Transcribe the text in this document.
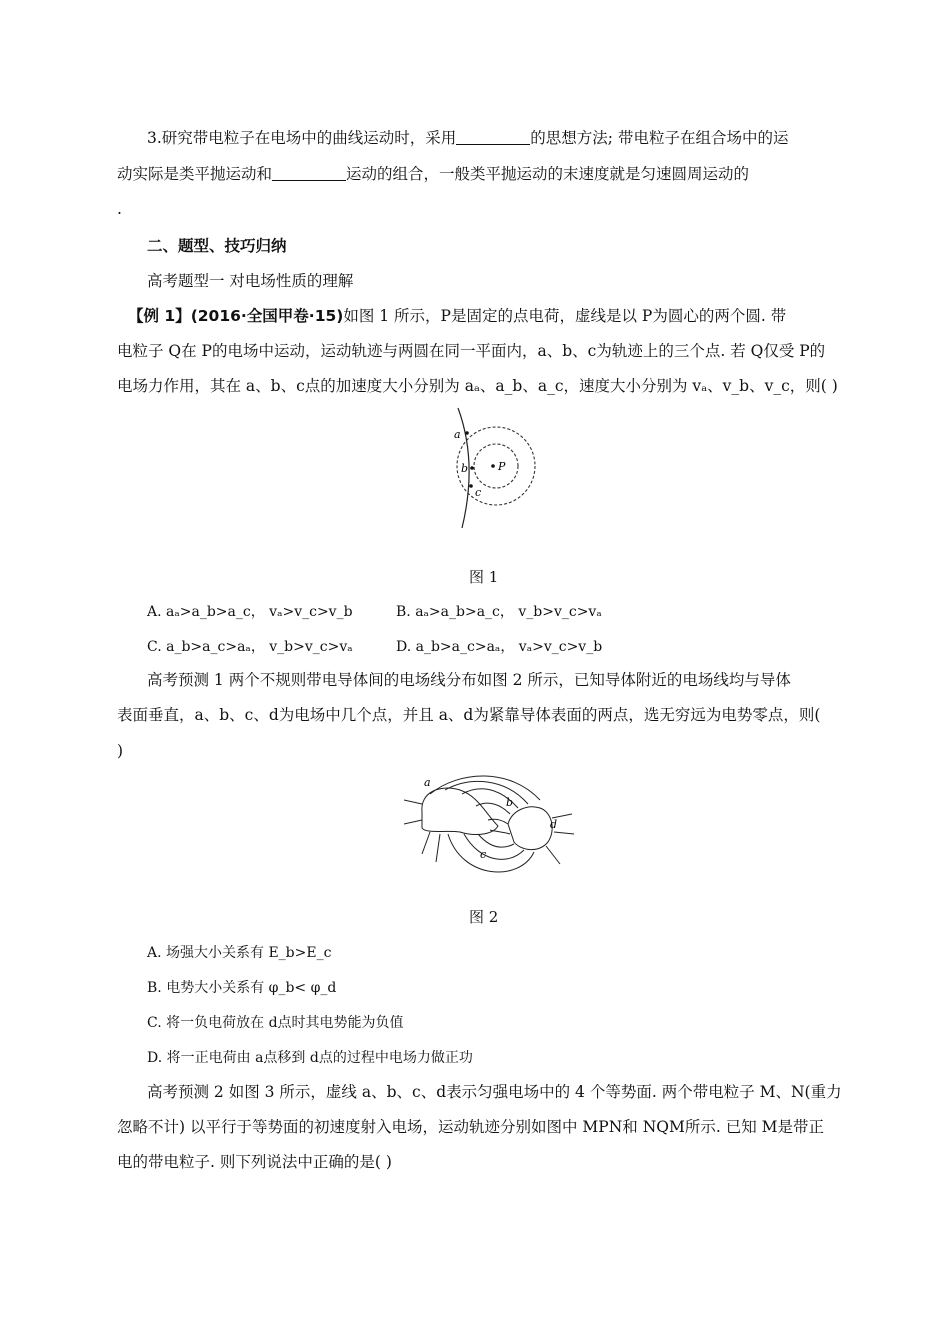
3.研究带电粒子在电场中的曲线运动时，采用	的思想方法; 带电粒子在组合场中的运
动实际是类平抛运动和	运动的组合，一般类平抛运动的末速度就是匀速圆周运动的
.
二、题型、技巧归纳
高考题型一 对电场性质的理解
【例 1】(2016·全国甲卷·15)如图 1 所示，P是固定的点电荷，虚线是以 P为圆心的两个圆. 带
电粒子 Q在 P的电场中运动，运动轨迹与两圆在同一平面内，a、b、c为轨迹上的三个点. 若 Q仅受 P的
电场力作用，其在 a、b、c点的加速度大小分别为 aₐ、a_b、a_c，速度大小分别为 vₐ、v_b、v_c，则( )
a
b
c
P
图 1
A. aₐ>a_b>a_c， vₐ>v_c>v_b	B. aₐ>a_b>a_c， v_b>v_c>vₐ
C. a_b>a_c>aₐ， v_b>v_c>vₐ	D. a_b>a_c>aₐ， vₐ>v_c>v_b
高考预测 1 两个不规则带电导体间的电场线分布如图 2 所示，已知导体附近的电场线均与导体
表面垂直，a、b、c、d为电场中几个点，并且 a、d为紧靠导体表面的两点，选无穷远为电势零点，则(
)
a
b
c
d
图 2
A. 场强大小关系有 E_b>E_c
B. 电势大小关系有 φ_b< φ_d
C. 将一负电荷放在 d点时其电势能为负值
D. 将一正电荷由 a点移到 d点的过程中电场力做正功
高考预测 2 如图 3 所示，虚线 a、b、c、d表示匀强电场中的 4 个等势面. 两个带电粒子 M、N(重力
忽略不计) 以平行于等势面的初速度射入电场，运动轨迹分别如图中 MPN和 NQM所示. 已知 M是带正
电的带电粒子. 则下列说法中正确的是( )
